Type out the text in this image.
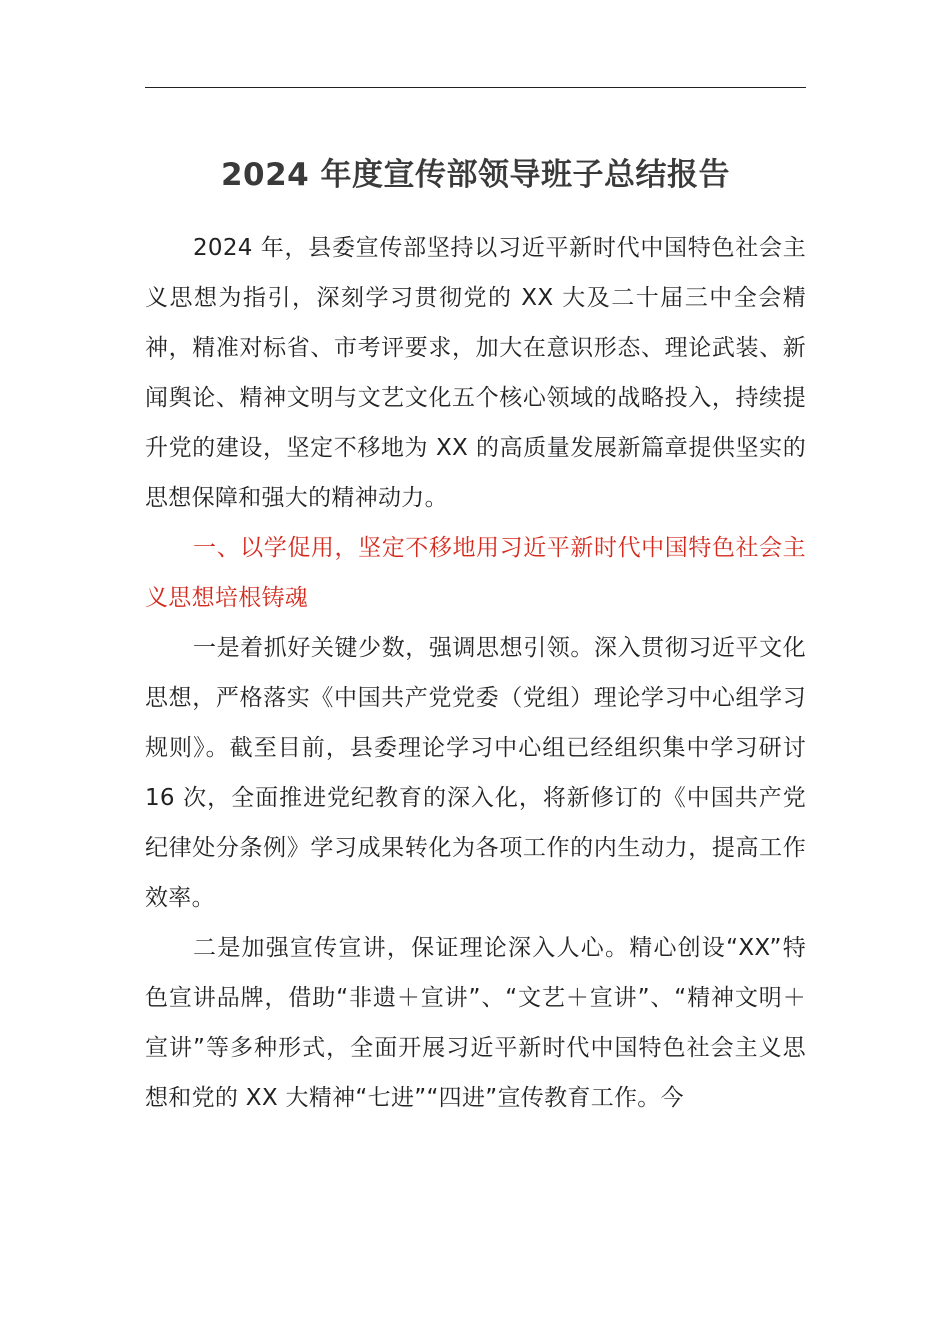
2024 年度宣传部领导班子总结报告

2024 年，县委宣传部坚持以习近平新时代中国特色社会主义思想为指引，深刻学习贯彻党的 XX 大及二十届三中全会精神，精准对标省、市考评要求，加大在意识形态、理论武装、新闻舆论、精神文明与文艺文化五个核心领域的战略投入，持续提升党的建设，坚定不移地为 XX 的高质量发展新篇章提供坚实的思想保障和强大的精神动力。

一、以学促用，坚定不移地用习近平新时代中国特色社会主义思想培根铸魂

一是着抓好关键少数，强调思想引领。深入贯彻习近平文化思想，严格落实《中国共产党党委（党组）理论学习中心组学习规则》。截至目前，县委理论学习中心组已经组织集中学习研讨 16 次，全面推进党纪教育的深入化，将新修订的《中国共产党纪律处分条例》学习成果转化为各项工作的内生动力，提高工作效率。

二是加强宣传宣讲，保证理论深入人心。精心创设“XX”特色宣讲品牌，借助“非遗＋宣讲”、“文艺＋宣讲”、“精神文明＋宣讲”等多种形式，全面开展习近平新时代中国特色社会主义思想和党的 XX 大精神“七进”“四进”宣传教育工作。今
